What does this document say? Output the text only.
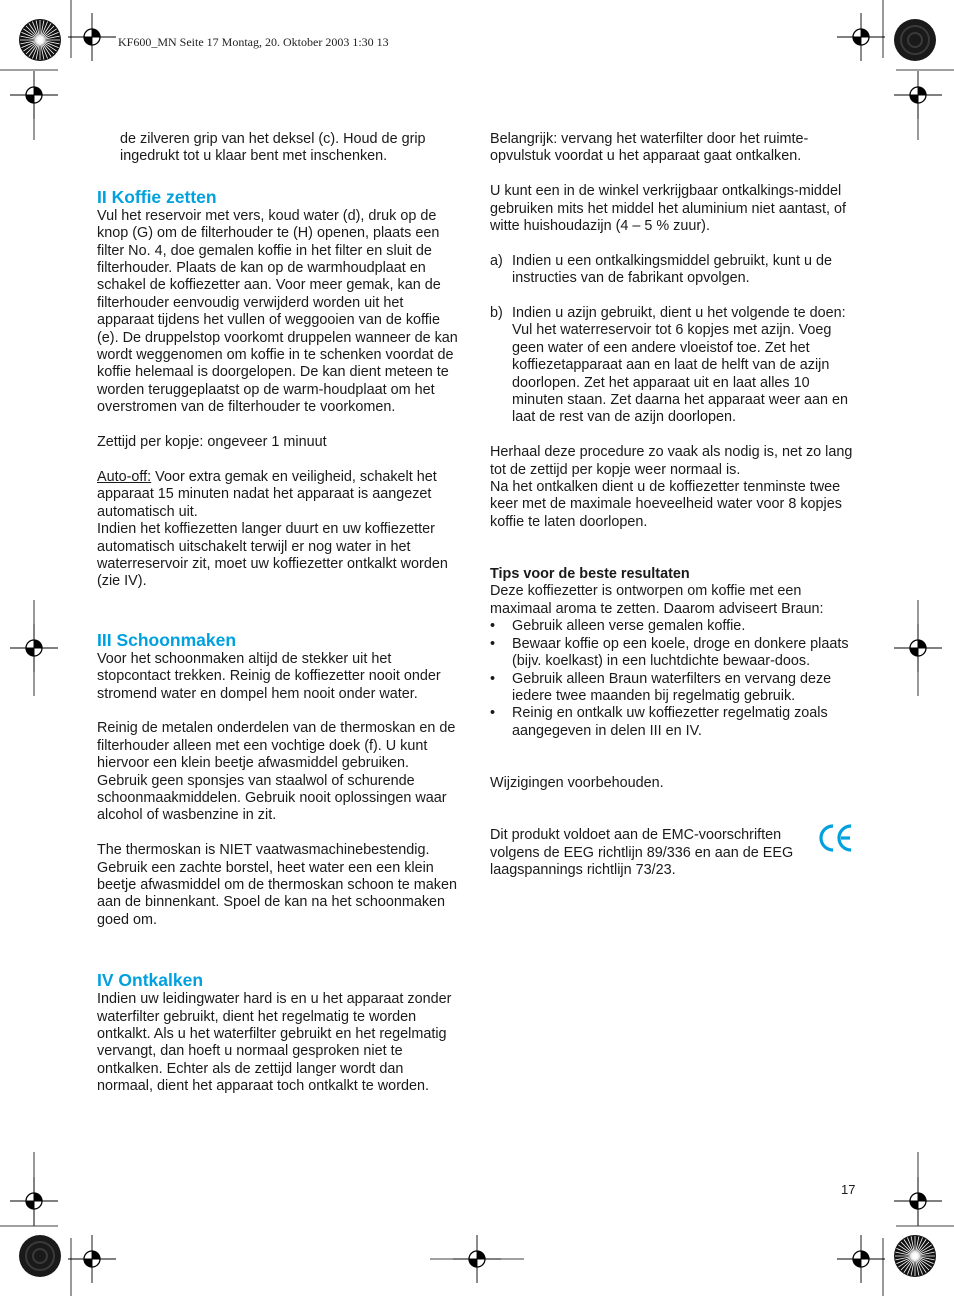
KF600_MN Seite 17 Montag, 20. Oktober 2003 1:30 13

de zilveren grip van het deksel (c). Houd de grip ingedrukt tot u klaar bent met inschenken.

II Koffie zetten

Vul het reservoir met vers, koud water (d), druk op de knop (G) om de filterhouder te (H) openen, plaats een filter No. 4, doe gemalen koffie in het filter en sluit de filterhouder. Plaats de kan op de warmhoudplaat en schakel de koffiezetter aan. Voor meer gemak, kan de filterhouder eenvoudig verwijderd worden uit het apparaat tijdens het vullen of weggooien van de koffie (e). De druppelstop voorkomt druppelen wanneer de kan wordt weggenomen om koffie in te schenken voordat de koffie helemaal is doorgelopen. De kan dient meteen te worden teruggeplaatst op de warm-houdplaat om het overstromen van de filterhouder te voorkomen.

Zettijd per kopje: ongeveer 1 minuut

Auto-off: Voor extra gemak en veiligheid, schakelt het apparaat 15 minuten nadat het apparaat is aangezet automatisch uit.

Indien het koffiezetten langer duurt en uw koffiezetter automatisch uitschakelt terwijl er nog water in het waterreservoir zit, moet uw koffiezetter ontkalkt worden (zie IV).

III Schoonmaken

Voor het schoonmaken altijd de stekker uit het stopcontact trekken. Reinig de koffiezetter nooit onder stromend water en dompel hem nooit onder water.

Reinig de metalen onderdelen van de thermoskan en de filterhouder alleen met een vochtige doek (f). U kunt hiervoor een klein beetje afwasmiddel gebruiken. Gebruik geen sponsjes van staalwol of schurende schoonmaakmiddelen. Gebruik nooit oplossingen waar alcohol of wasbenzine in zit.

The thermoskan is NIET vaatwasmachinebestendig. Gebruik een zachte borstel, heet water een een klein beetje afwasmiddel om de thermoskan schoon te maken aan de binnenkant. Spoel de kan na het schoonmaken goed om.

IV Ontkalken

Indien uw leidingwater hard is en u het apparaat zonder waterfilter gebruikt, dient het regelmatig te worden ontkalkt. Als u het waterfilter gebruikt en het regelmatig vervangt, dan hoeft u normaal gesproken niet te ontkalken. Echter als de zettijd langer wordt dan normaal, dient het apparaat toch ontkalkt te worden.

Belangrijk: vervang het waterfilter door het ruimte-opvulstuk voordat u het apparaat gaat ontkalken.

U kunt een in de winkel verkrijgbaar ontkalkings-middel gebruiken mits het middel het aluminium niet aantast, of witte huishoudazijn (4 – 5 % zuur).

a) Indien u een ontkalkingsmiddel gebruikt, kunt u de instructies van de fabrikant opvolgen.
b) Indien u azijn gebruikt, dient u het volgende te doen: Vul het waterreservoir tot 6 kopjes met azijn. Voeg geen water of een andere vloeistof toe. Zet het koffiezetapparaat aan en laat de helft van de azijn doorlopen. Zet het apparaat uit en laat alles 10 minuten staan. Zet daarna het apparaat weer aan en laat de rest van de azijn doorlopen.

Herhaal deze procedure zo vaak als nodig is, net zo lang tot de zettijd per kopje weer normaal is.

Na het ontkalken dient u de koffiezetter tenminste twee keer met de maximale hoeveelheid water voor 8 kopjes koffie te laten doorlopen.

Tips voor de beste resultaten

Deze koffiezetter is ontworpen om koffie met een maximaal aroma te zetten. Daarom adviseert Braun:

• Gebruik alleen verse gemalen koffie.
• Bewaar koffie op een koele, droge en donkere plaats (bijv. koelkast) in een luchtdichte bewaar-doos.
• Gebruik alleen Braun waterfilters en vervang deze iedere twee maanden bij regelmatig gebruik.
• Reinig en ontkalk uw koffiezetter regelmatig zoals aangegeven in delen III en IV.

Wijzigingen voorbehouden.

Dit produkt voldoet aan de EMC-voorschriften volgens de EEG richtlijn 89/336 en aan de EEG laagspannings richtlijn 73/23.

17
